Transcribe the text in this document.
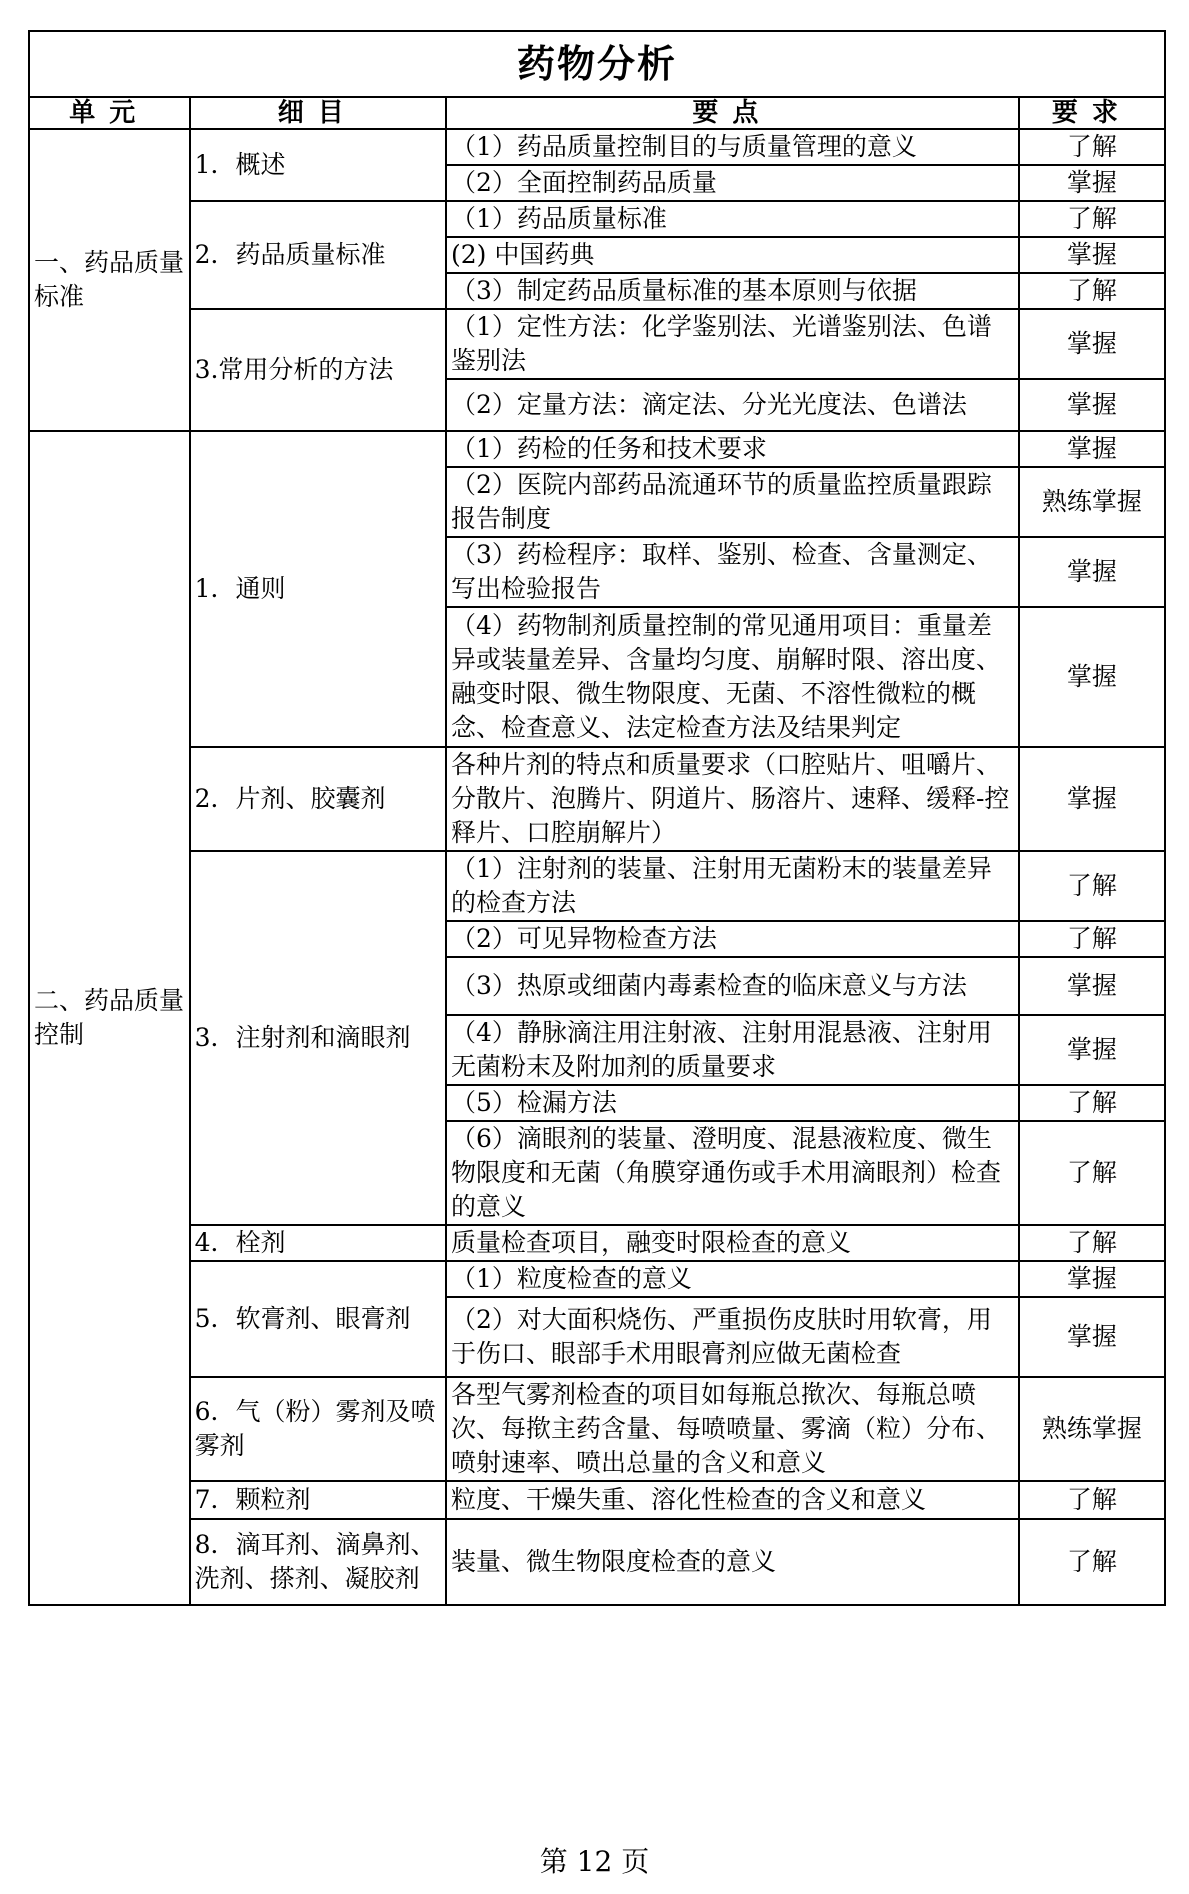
药物分析			
单元	细目	要点	要求
一、药品质量标准	1．概述	（1）药品质量控制目的与质量管理的意义	了解
		（2）全面控制药品质量	掌握
	2．药品质量标准	（1）药品质量标准	了解
		(2) 中国药典	掌握
		（3）制定药品质量标准的基本原则与依据	了解
	3.常用分析的方法	（1）定性方法：化学鉴别法、光谱鉴别法、色谱鉴别法	掌握
		（2）定量方法：滴定法、分光光度法、色谱法	掌握
二、药品质量控制	1．通则	（1）药检的任务和技术要求	掌握
		（2）医院内部药品流通环节的质量监控质量跟踪报告制度	熟练掌握
		（3）药检程序：取样、鉴别、检查、含量测定、写出检验报告	掌握
		（4）药物制剂质量控制的常见通用项目：重量差异或装量差异、含量均匀度、崩解时限、溶出度、融变时限、微生物限度、无菌、不溶性微粒的概念、检查意义、法定检查方法及结果判定	掌握
	2．片剂、胶囊剂	各种片剂的特点和质量要求（口腔贴片、咀嚼片、分散片、泡腾片、阴道片、肠溶片、速释、缓释-控释片、口腔崩解片）	掌握
	3．注射剂和滴眼剂	（1）注射剂的装量、注射用无菌粉末的装量差异的检查方法	了解
		（2）可见异物检查方法	了解
		（3）热原或细菌内毒素检查的临床意义与方法	掌握
		（4）静脉滴注用注射液、注射用混悬液、注射用无菌粉末及附加剂的质量要求	掌握
		（5）检漏方法	了解
		（6）滴眼剂的装量、澄明度、混悬液粒度、微生物限度和无菌（角膜穿通伤或手术用滴眼剂）检查的意义	了解
	4．栓剂	质量检查项目，融变时限检查的意义	了解
	5．软膏剂、眼膏剂	（1）粒度检查的意义	掌握
		（2）对大面积烧伤、严重损伤皮肤时用软膏，用于伤口、眼部手术用眼膏剂应做无菌检查	掌握
	6．气（粉）雾剂及喷雾剂	各型气雾剂检查的项目如每瓶总揿次、每瓶总喷次、每揿主药含量、每喷喷量、雾滴（粒）分布、喷射速率、喷出总量的含义和意义	熟练掌握
	7．颗粒剂	粒度、干燥失重、溶化性检查的含义和意义	了解
	8．滴耳剂、滴鼻剂、洗剂、搽剂、凝胶剂	装量、微生物限度检查的意义	了解
第 12 页
